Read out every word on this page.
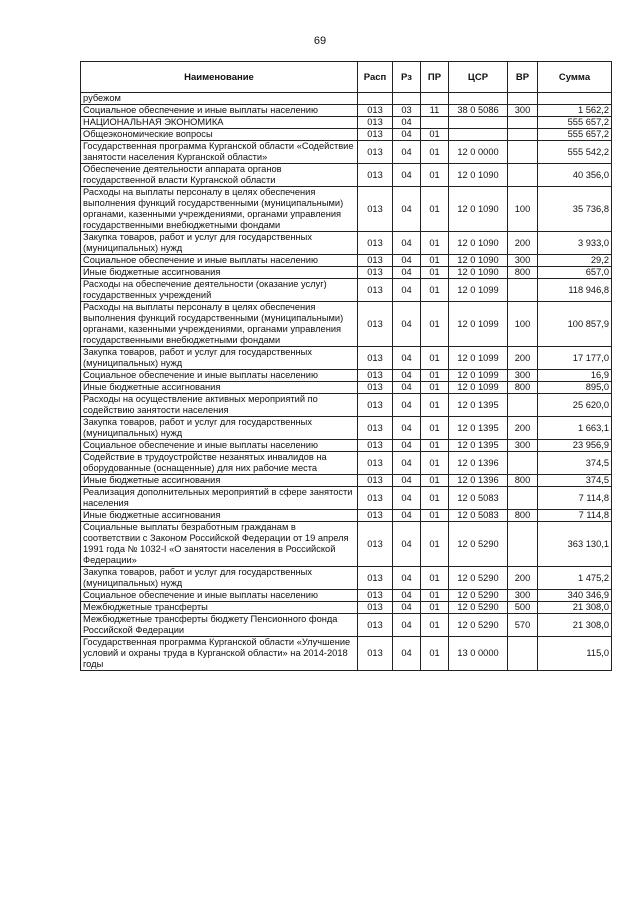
69
Наименование	Расп	Рз	ПР	ЦСР	ВР	Сумма
рубежом						
Социальное обеспечение и иные выплаты населению	013	03	11	38 0 5086	300	1 562,2
НАЦИОНАЛЬНАЯ ЭКОНОМИКА	013	04				555 657,2
Общеэкономические вопросы	013	04	01			555 657,2
Государственная программа Курганской области «Содействие занятости населения Курганской области»	013	04	01	12 0 0000		555 542,2
Обеспечение деятельности аппарата органов государственной власти Курганской области	013	04	01	12 0 1090		40 356,0
Расходы на выплаты персоналу в целях обеспечения выполнения функций государственными (муниципальными) органами, казенными учреждениями, органами управления государственными внебюджетными фондами	013	04	01	12 0 1090	100	35 736,8
Закупка товаров, работ и услуг для государственных (муниципальных) нужд	013	04	01	12 0 1090	200	3 933,0
Социальное обеспечение и иные выплаты населению	013	04	01	12 0 1090	300	29,2
Иные бюджетные ассигнования	013	04	01	12 0 1090	800	657,0
Расходы на обеспечение деятельности (оказание услуг) государственных учреждений	013	04	01	12 0 1099		118 946,8
Расходы на выплаты персоналу в целях обеспечения выполнения функций государственными (муниципальными) органами, казенными учреждениями, органами управления государственными внебюджетными фондами	013	04	01	12 0 1099	100	100 857,9
Закупка товаров, работ и услуг для государственных (муниципальных) нужд	013	04	01	12 0 1099	200	17 177,0
Социальное обеспечение и иные выплаты населению	013	04	01	12 0 1099	300	16,9
Иные бюджетные ассигнования	013	04	01	12 0 1099	800	895,0
Расходы на осуществление активных мероприятий по содействию занятости населения	013	04	01	12 0 1395		25 620,0
Закупка товаров, работ и услуг для государственных (муниципальных) нужд	013	04	01	12 0 1395	200	1 663,1
Социальное обеспечение и иные выплаты населению	013	04	01	12 0 1395	300	23 956,9
Содействие в трудоустройстве незанятых инвалидов на оборудованные (оснащенные) для них рабочие места	013	04	01	12 0 1396		374,5
Иные бюджетные ассигнования	013	04	01	12 0 1396	800	374,5
Реализация дополнительных мероприятий в сфере занятости населения	013	04	01	12 0 5083		7 114,8
Иные бюджетные ассигнования	013	04	01	12 0 5083	800	7 114,8
Социальные выплаты безработным гражданам в соответствии с Законом Российской Федерации от 19 апреля 1991 года № 1032-I «О занятости населения в Российской Федерации»	013	04	01	12 0 5290		363 130,1
Закупка товаров, работ и услуг для государственных (муниципальных) нужд	013	04	01	12 0 5290	200	1 475,2
Социальное обеспечение и иные выплаты населению	013	04	01	12 0 5290	300	340 346,9
Межбюджетные трансферты	013	04	01	12 0 5290	500	21 308,0
Межбюджетные трансферты бюджету Пенсионного фонда Российской Федерации	013	04	01	12 0 5290	570	21 308,0
Государственная программа Курганской области «Улучшение условий и охраны труда в Курганской области» на 2014-2018 годы	013	04	01	13 0 0000		115,0
